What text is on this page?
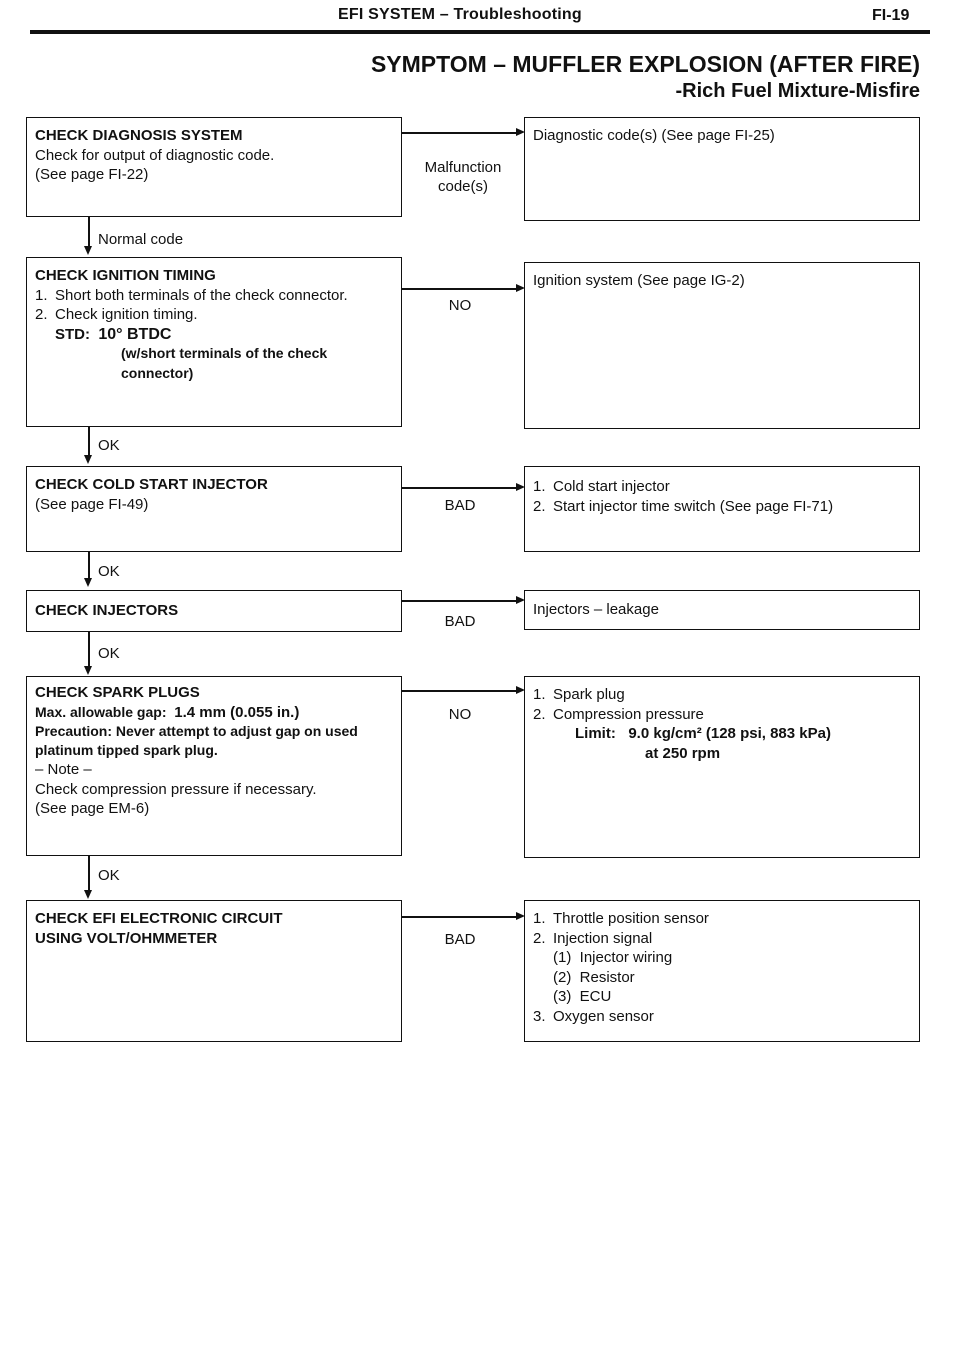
EFI SYSTEM – Troubleshooting	FI-19
SYMPTOM – MUFFLER EXPLOSION (AFTER FIRE)
-Rich Fuel Mixture-Misfire
CHECK DIAGNOSIS SYSTEM
Check for output of diagnostic code.
(See page FI-22)	Malfunction code(s)
Diagnostic code(s) (See page FI-25)
Normal code
CHECK IGNITION TIMING
1. Short both terminals of the check connector.
2. Check ignition timing.
STD: 10° BTDC
(w/short terminals of the check connector)
NO
Ignition system (See page IG-2)
OK
CHECK COLD START INJECTOR
(See page FI-49)	BAD
1. Cold start injector
2. Start injector time switch (See page FI-71)
OK
CHECK INJECTORS
BAD
Injectors – leakage
OK
CHECK SPARK PLUGS
Max. allowable gap: 1.4 mm (0.055 in.)
Precaution: Never attempt to adjust gap on used platinum tipped spark plug.
– Note –
Check compression pressure if necessary.
(See page EM-6)
NO
1. Spark plug
2. Compression pressure
Limit: 9.0 kg/cm² (128 psi, 883 kPa)
at 250 rpm
OK
CHECK EFI ELECTRONIC CIRCUIT USING VOLT/OHMMETER	BAD
1. Throttle position sensor
2. Injection signal
(1)  Injector wiring
(2)  Resistor
(3)  ECU
3. Oxygen sensor
